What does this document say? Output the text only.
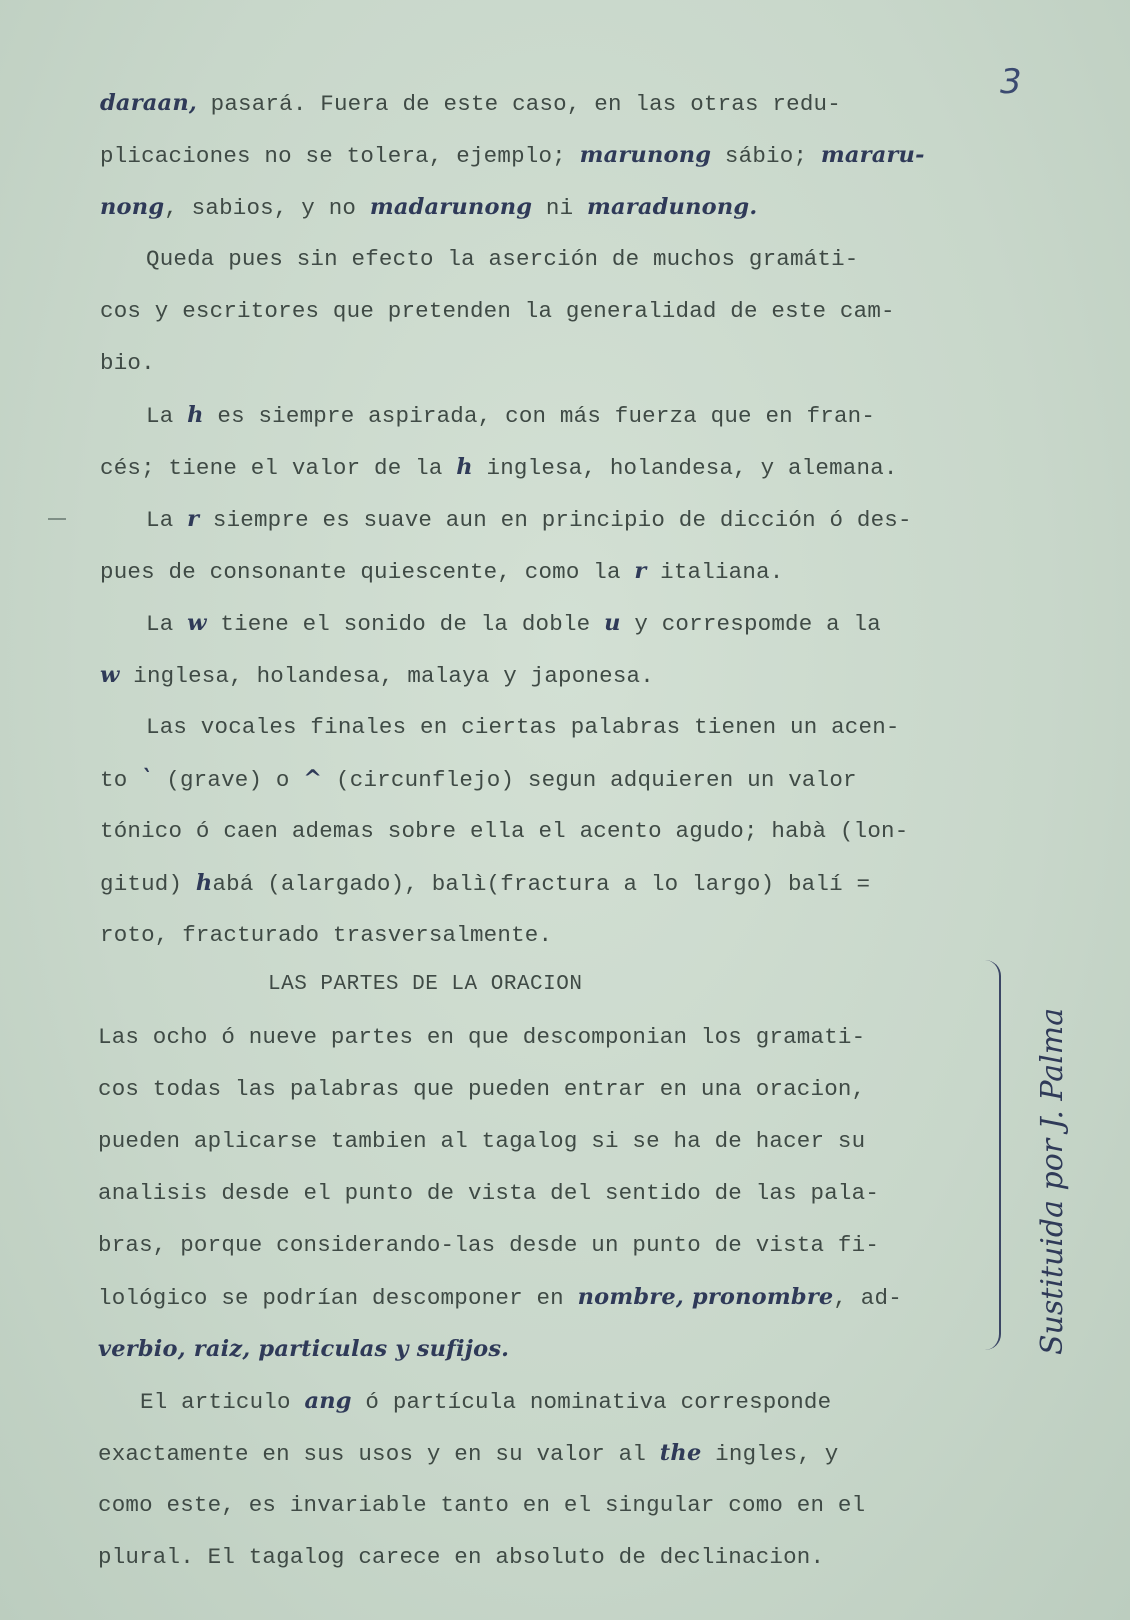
3
daraan, pasará. Fuera de este caso, en las otras redu-
plicaciones no se tolera, ejemplo; marunong sábio; mararu-
nong, sabios, y no madarunong ni maradunong.
Queda pues sin efecto la aserción de muchos gramáti-
cos y escritores que pretenden la generalidad de este cam-
bio.
La h es siempre aspirada, con más fuerza que en fran-
cés; tiene el valor de la h inglesa, holandesa, y alemana.
La r siempre es suave aun en principio de dicción ó des-
pues de consonante quiescente, como la r italiana.
La w tiene el sonido de la doble u y correspomde a la
w inglesa, holandesa, malaya y japonesa.
Las vocales finales en ciertas palabras tienen un acen-
to ` (grave) o ^ (circunflejo) segun adquieren un valor
tónico ó caen ademas sobre ella el acento agudo; habà (lon-
gitud) habá (alargado), balì(fractura a lo largo) balí =
roto, fracturado trasversalmente.
LAS PARTES DE LA ORACION
Las ocho ó nueve partes en que descomponian los gramati-
cos todas las palabras que pueden entrar en una oracion,
pueden aplicarse tambien al tagalog si se ha de hacer su
analisis desde el punto de vista del sentido de las pala-
bras, porque considerando-las desde un punto de vista fi-
lológico se podrían descomponer en nombre, pronombre, ad-
verbio, raiz, particulas y sufijos.
El articulo ang ó partícula nominativa corresponde
exactamente en sus usos y en su valor al the ingles, y
como este, es invariable tanto en el singular como en el
plural. El tagalog carece en absoluto de declinacion.
Sustituida por J. Palma
